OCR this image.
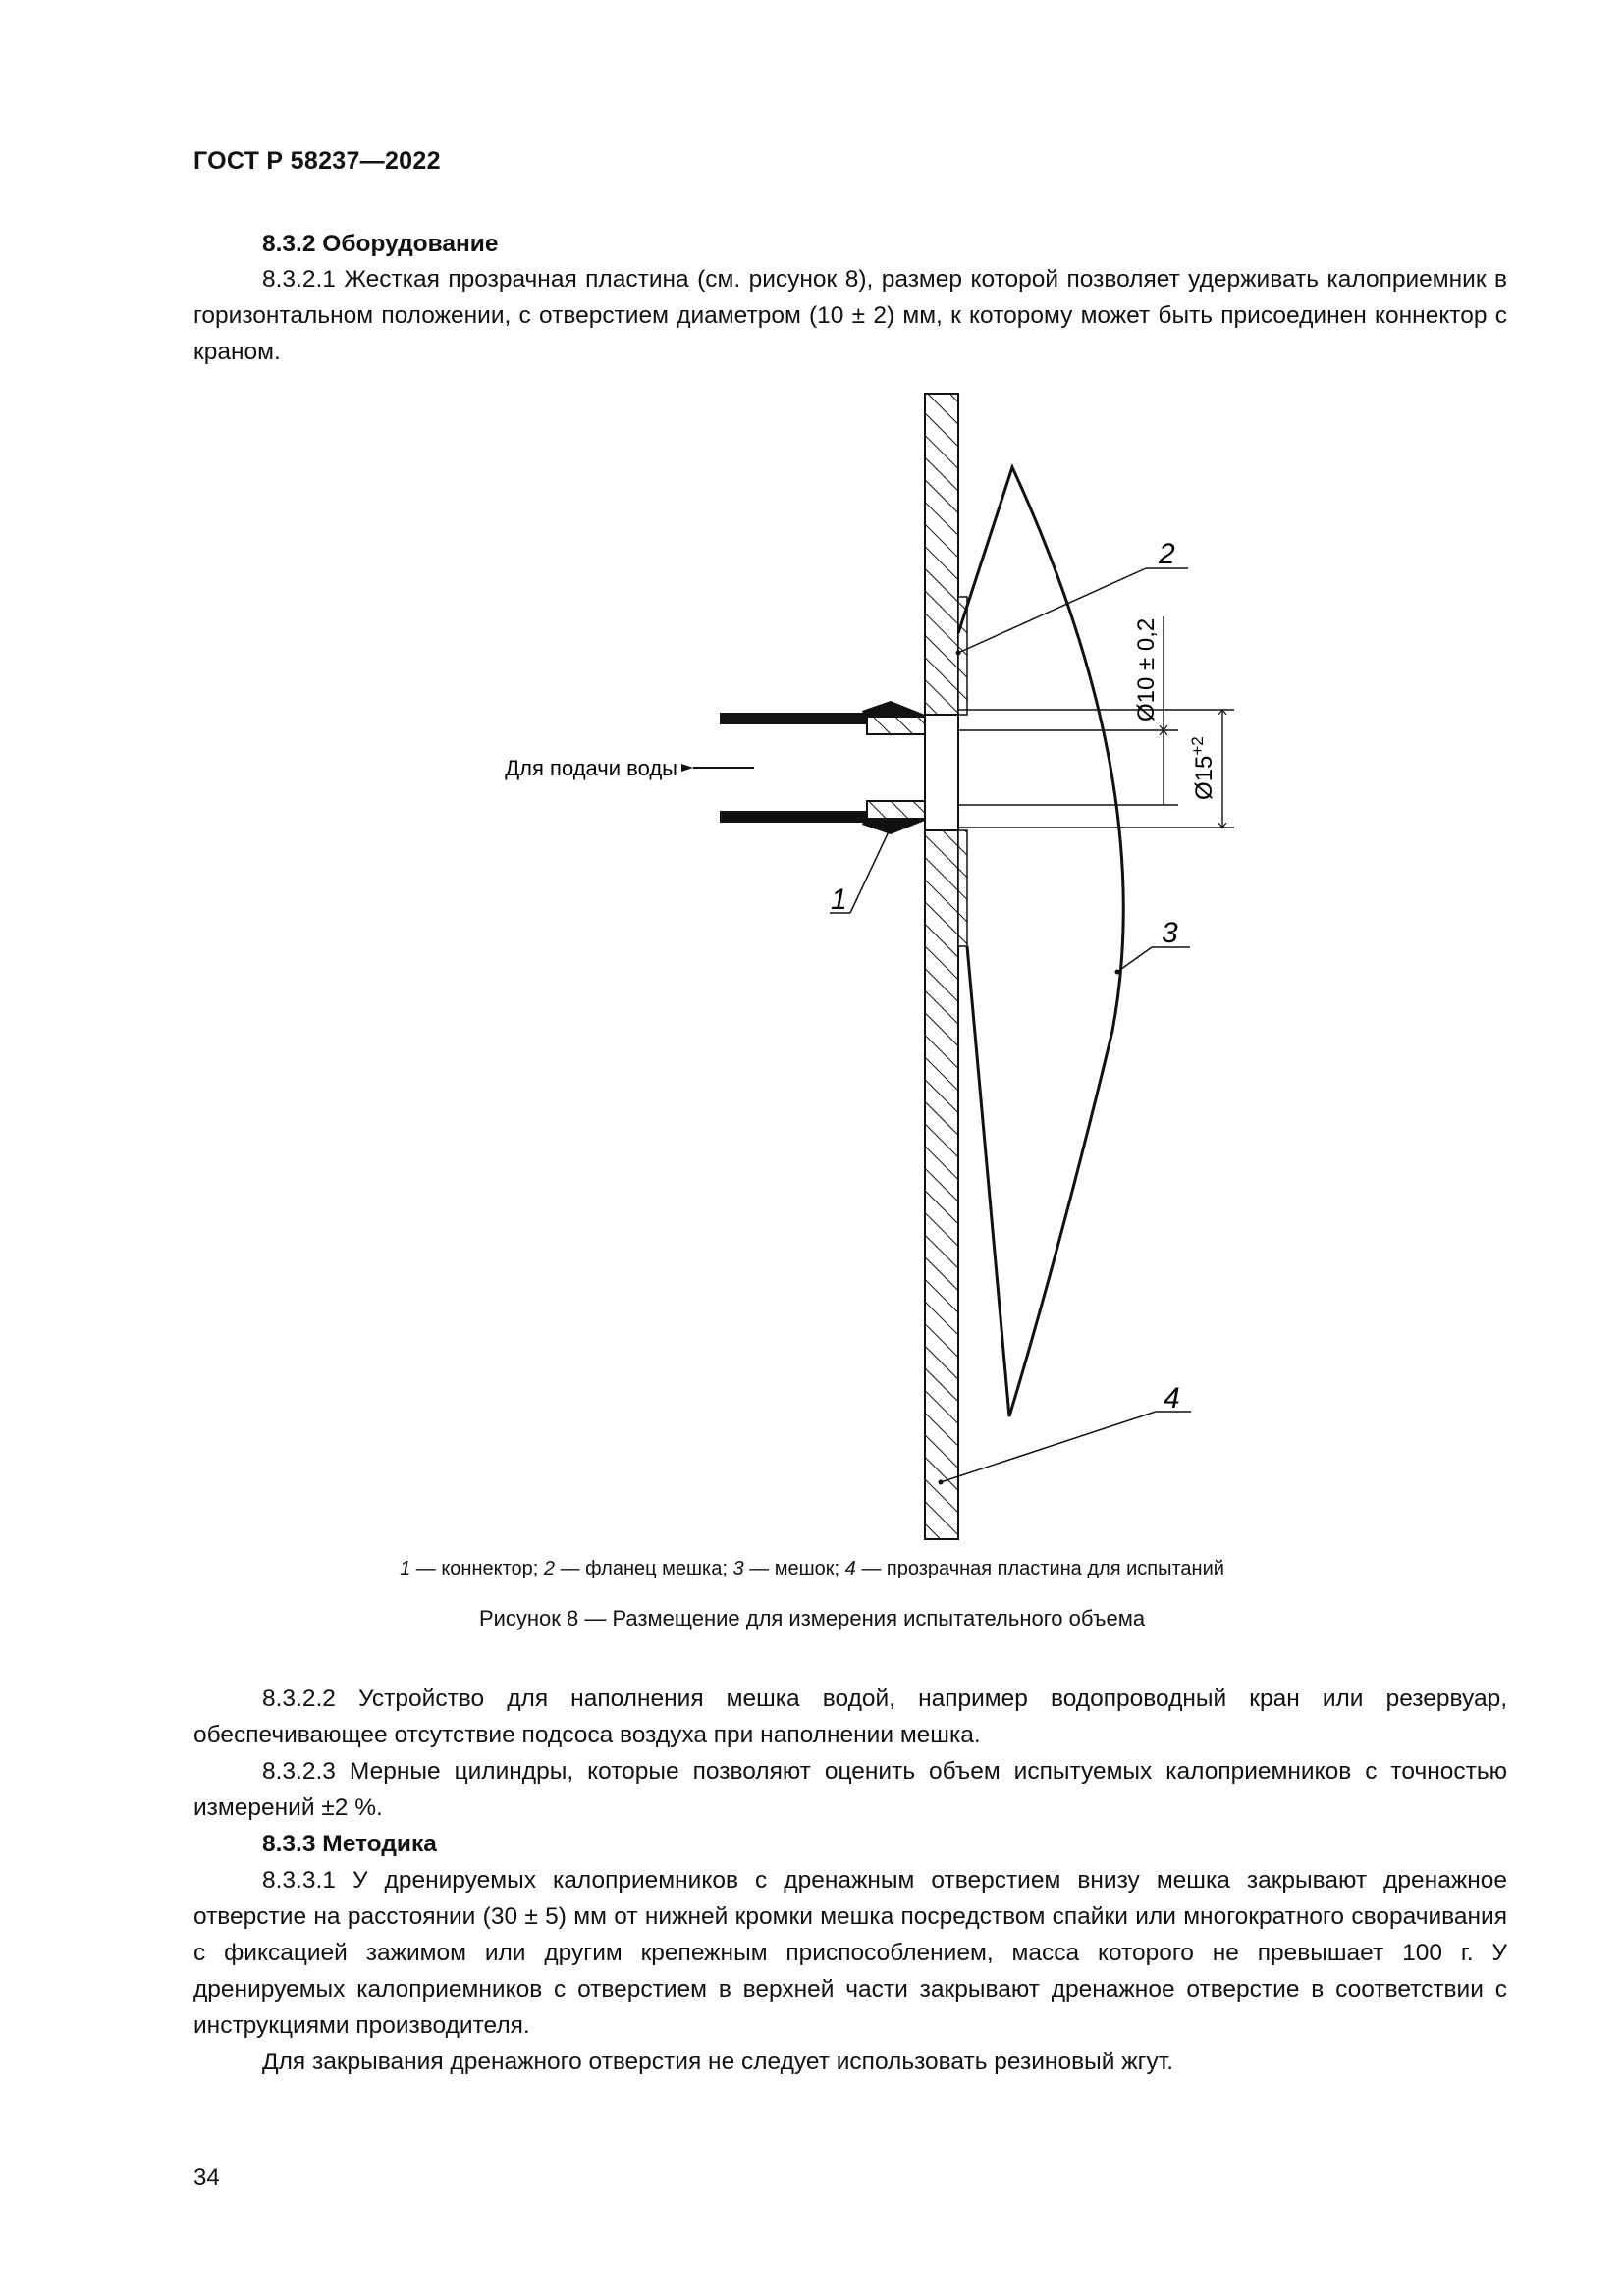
ГОСТ Р 58237—2022

8.3.2 Оборудование

8.3.2.1 Жесткая прозрачная пластина (см. рисунок 8), размер которой позволяет удерживать калоприемник в горизонтальном положении, с отверстием диаметром (10 ± 2) мм, к которому может быть присоединен коннектор с краном.

Для подачи воды
Ø10 ± 0,2
$Ø15^{+2}$
1
2
3
4
1 — коннектор; 2 — фланец мешка; 3 — мешок; 4 — прозрачная пластина для испытаний
Рисунок 8 — Размещение для измерения испытательного объема

8.3.2.2 Устройство для наполнения мешка водой, например водопроводный кран или резервуар, обеспечивающее отсутствие подсоса воздуха при наполнении мешка.

8.3.2.3 Мерные цилиндры, которые позволяют оценить объем испытуемых калоприемников с точностью измерений ±2 %.

8.3.3 Методика

8.3.3.1 У дренируемых калоприемников с дренажным отверстием внизу мешка закрывают дренажное отверстие на расстоянии (30 ± 5) мм от нижней кромки мешка посредством спайки или многократного сворачивания с фиксацией зажимом или другим крепежным приспособлением, масса которого не превышает 100 г. У дренируемых калоприемников с отверстием в верхней части закрывают дренажное отверстие в соответствии с инструкциями производителя.

Для закрывания дренажного отверстия не следует использовать резиновый жгут.

34
